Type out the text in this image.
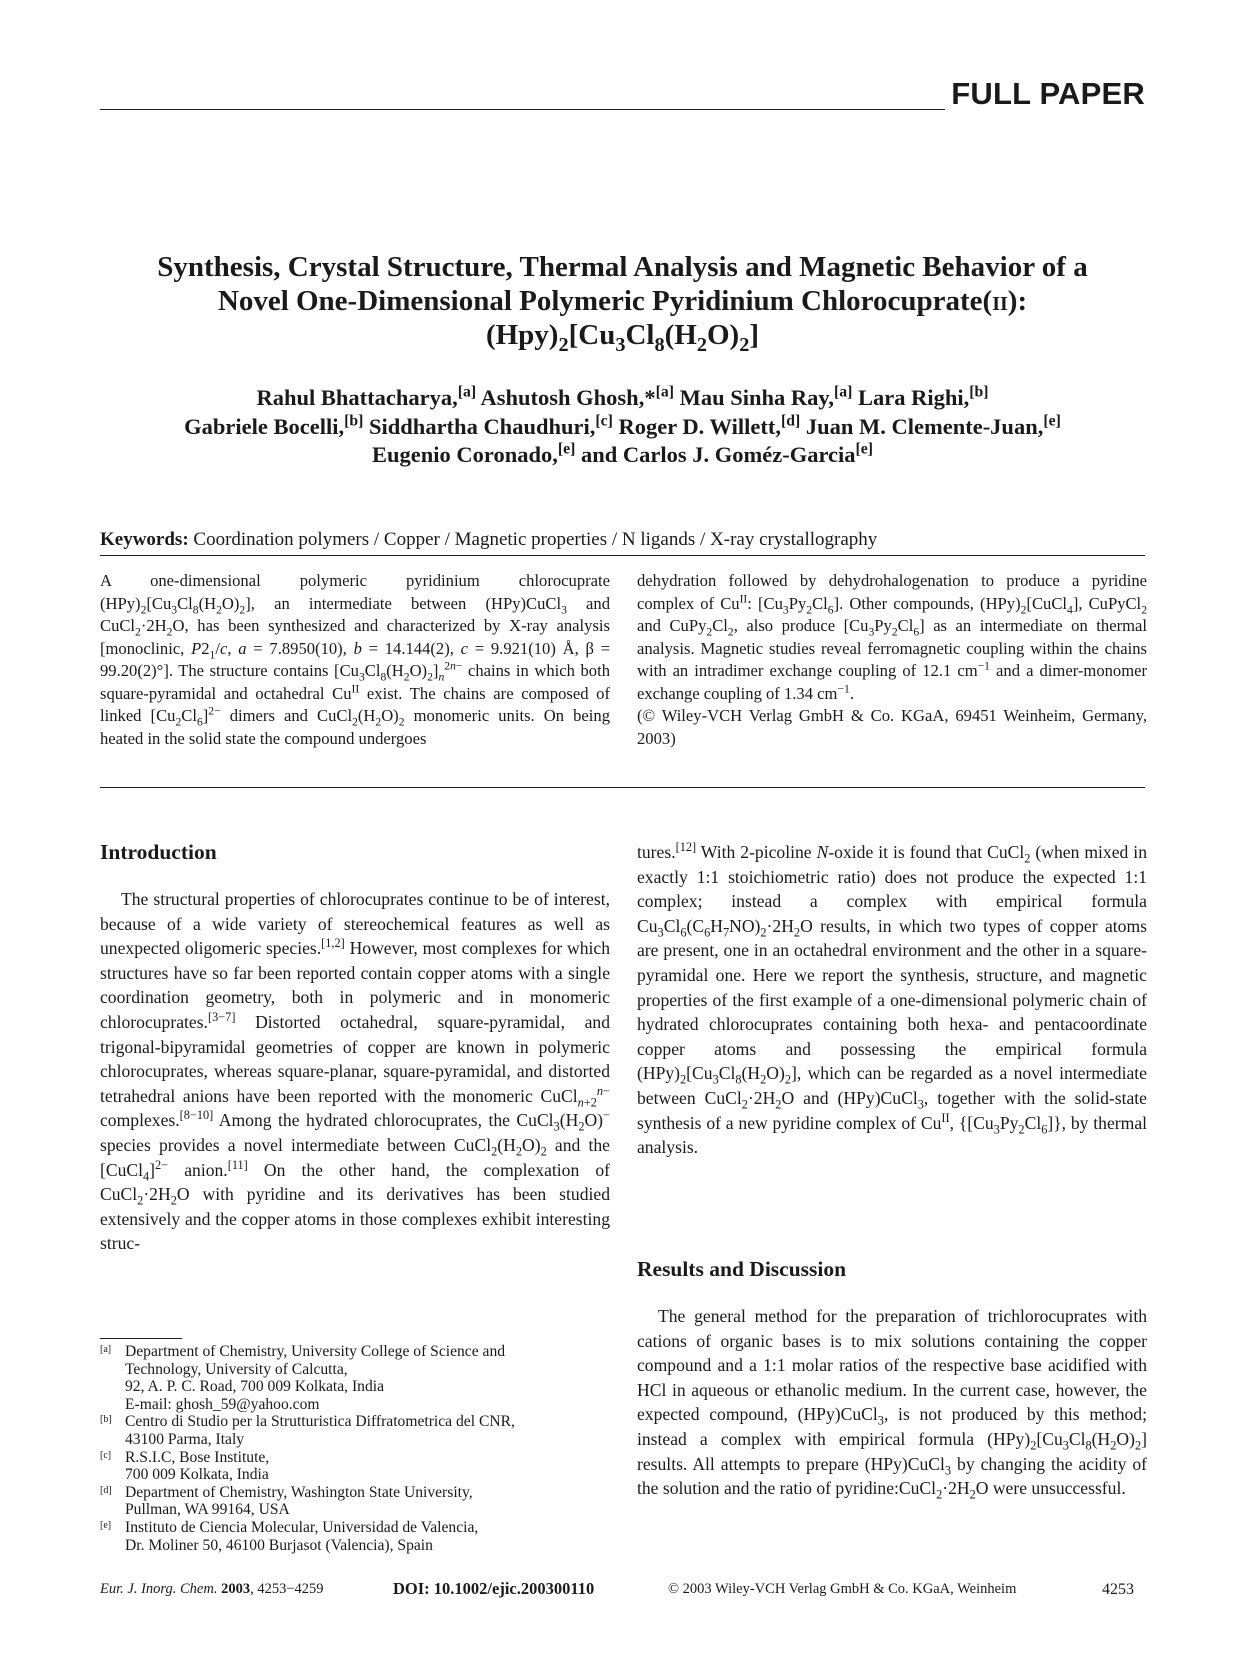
FULL PAPER
Synthesis, Crystal Structure, Thermal Analysis and Magnetic Behavior of a
Novel One-Dimensional Polymeric Pyridinium Chlorocuprate(ii):
$(Hpy)_2[Cu_3Cl_8(H_2O)_2]$
Rahul Bhattacharya,[a] Ashutosh Ghosh,*[a] Mau Sinha Ray,[a] Lara Righi,[b]
Gabriele Bocelli,[b] Siddhartha Chaudhuri,[c] Roger D. Willett,[d] Juan M. Clemente-Juan,[e]
Eugenio Coronado,[e] and Carlos J. Goméz-Garcia[e]
Keywords: Coordination polymers / Copper / Magnetic properties / N ligands / X-ray crystallography
A one-dimensional polymeric pyridinium chlorocuprate $(HPy)_2[Cu_3Cl_8(H_2O)_2]$, an intermediate between (HPy)CuCl$_3$ and $CuCl_2\cdot 2H_2O$, has been synthesized and characterized by X-ray analysis [monoclinic, $P2_1/c$, a = 7.8950(10), b = 14.144(2), c = 9.921(10) Å, β = 99.20(2)°]. The structure contains $[Cu_3Cl_8(H_2O)_2]_n^{2n-}$ chains in which both square-pyramidal and octahedral $Cu^{II}$ exist. The chains are composed of linked $[Cu_2Cl_6]^{2-}$ dimers and $CuCl_2(H_2O)_2$ monomeric units. On being heated in the solid state the compound undergoes
dehydration followed by dehydrohalogenation to produce a pyridine complex of $Cu^{II}$: $[Cu_3Py_2Cl_6]$. Other compounds, $(HPy)_2[CuCl_4]$, CuPyCl$_2$ and $CuPy_2Cl_2$, also produce $[Cu_3Py_2Cl_6]$ as an intermediate on thermal analysis. Magnetic studies reveal ferromagnetic coupling within the chains with an intradimer exchange coupling of 12.1 $cm^{-1}$ and a dimer-monomer exchange coupling of 1.34 $cm^{-1}$.
(© Wiley-VCH Verlag GmbH & Co. KGaA, 69451 Weinheim, Germany, 2003)
Introduction

The structural properties of chlorocuprates continue to be of interest, because of a wide variety of stereochemical features as well as unexpected oligomeric species.[1,2] However, most complexes for which structures have so far been reported contain copper atoms with a single coordination geometry, both in polymeric and in monomeric chlorocuprates.[3−7] Distorted octahedral, square-pyramidal, and trigonal-bipyramidal geometries of copper are known in polymeric chlorocuprates, whereas square-planar, square-pyramidal, and distorted tetrahedral anions have been reported with the monomeric CuCl$_{n+2}^{n-}$ complexes.[8−10] Among the hydrated chlorocuprates, the $CuCl_3(H_2O)^-$ species provides a novel intermediate between $CuCl_2(H_2O)_2$ and the [CuCl$_4$]$^{2-}$ anion.[11] On the other hand, the complexation of $CuCl_2\cdot 2H_2O$ with pyridine and its derivatives has been studied extensively and the copper atoms in those complexes exhibit interesting struc-

tures.[12] With 2-picoline N-oxide it is found that CuCl$_2$ (when mixed in exactly 1:1 stoichiometric ratio) does not produce the expected 1:1 complex; instead a complex with empirical formula $Cu_3Cl_6(C_6H_7NO)_2\cdot 2H_2O$ results, in which two types of copper atoms are present, one in an octahedral environment and the other in a square-pyramidal one. Here we report the synthesis, structure, and magnetic properties of the first example of a one-dimensional polymeric chain of hydrated chlorocuprates containing both hexa- and pentacoordinate copper atoms and possessing the empirical formula $(HPy)_2[Cu_3Cl_8(H_2O)_2]$, which can be regarded as a novel intermediate between $CuCl_2\cdot 2H_2O$ and (HPy)CuCl$_3$, together with the solid-state synthesis of a new pyridine complex of $Cu^{II}$, $\{[Cu_3Py_2Cl_6]\}$, by thermal analysis.

Results and Discussion

The general method for the preparation of trichlorocuprates with cations of organic bases is to mix solutions containing the copper compound and a 1:1 molar ratios of the respective base acidified with HCl in aqueous or ethanolic medium. In the current case, however, the expected compound, (HPy)CuCl$_3$, is not produced by this method; instead a complex with empirical formula $(HPy)_2[Cu_3Cl_8(H_2O)_2]$ results. All attempts to prepare (HPy)CuCl$_3$ by changing the acidity of the solution and the ratio of $pyridine:CuCl_2\cdot 2H_2O$ were unsuccessful.

[a] Department of Chemistry, University College of Science and
Technology, University of Calcutta,
92, A. P. C. Road, 700 009 Kolkata, India
E-mail: ghosh_59@yahoo.com
[b] Centro di Studio per la Strutturistica Diffratometrica del CNR,
43100 Parma, Italy
[c] R.S.I.C, Bose Institute,
700 009 Kolkata, India
[d] Department of Chemistry, Washington State University,
Pullman, WA 99164, USA
[e] Instituto de Ciencia Molecular, Universidad de Valencia,
Dr. Moliner 50, 46100 Burjasot (Valencia), Spain
Eur. J. Inorg. Chem. 2003, 4253−4259	DOI: 10.1002/ejic.200300110	© 2003 Wiley-VCH Verlag GmbH & Co. KGaA, Weinheim	4253
